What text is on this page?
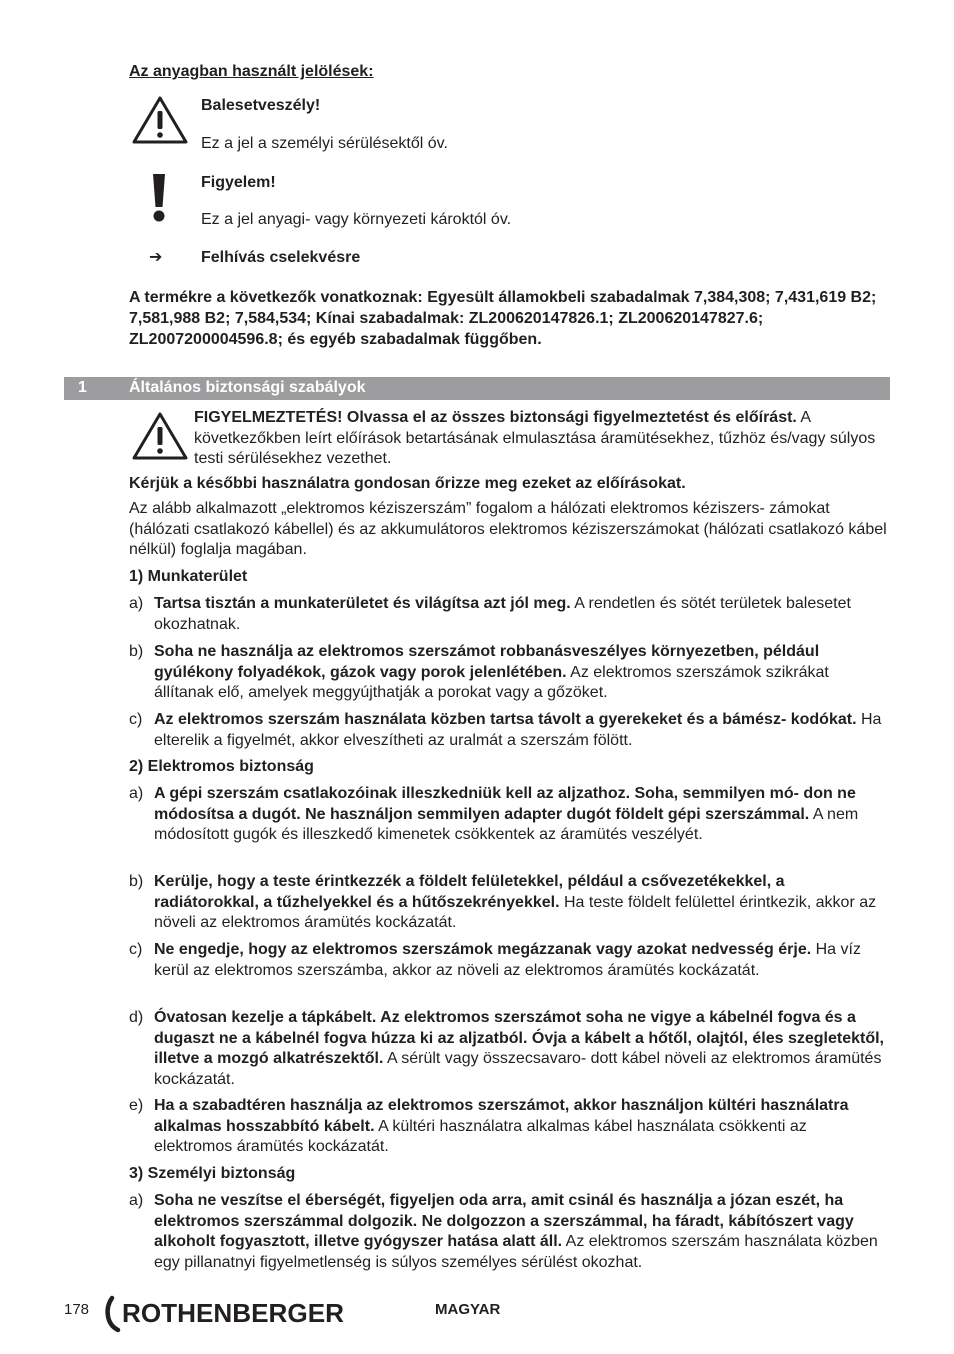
Az anyagban használt jelölések:
Balesetveszély!
Ez a jel a személyi sérülésektől óv.
Figyelem!
Ez a jel anyagi- vagy környezeti károktól óv.
➔ Felhívás cselekvésre
A termékre a következők vonatkoznak: Egyesült államokbeli szabadalmak 7,384,308; 7,431,619 B2; 7,581,988 B2; 7,584,534; Kínai szabadalmak: ZL200620147826.1; ZL200620147827.6; ZL2007200004596.8; és egyéb szabadalmak függőben.
1	Általános biztonsági szabályok
FIGYELMEZTETÉS! Olvassa el az összes biztonsági figyelmeztetést és előírást. A következőkben leírt előírások betartásának elmulasztása áramütésekhez, tűzhöz és/vagy súlyos testi sérülésekhez vezethet.
Kérjük a későbbi használatra gondosan őrizze meg ezeket az előírásokat.
Az alább alkalmazott „elektromos kéziszerszám” fogalom a hálózati elektromos kéziszers- zámokat (hálózati csatlakozó kábellel) és az akkumulátoros elektromos kéziszerszámokat (hálózati csatlakozó kábel nélkül) foglalja magában.
1) Munkaterület
a) Tartsa tisztán a munkaterületet és világítsa azt jól meg. A rendetlen és sötét területek balesetet okozhatnak.
b) Soha ne használja az elektromos szerszámot robbanásveszélyes környezetben, például gyúlékony folyadékok, gázok vagy porok jelenlétében. Az elektromos szerszámok szikrákat állítanak elő, amelyek meggyújthatják a porokat vagy a gőzöket.
c) Az elektromos szerszám használata közben tartsa távolt a gyerekeket és a bámész- kodókat. Ha elterelik a figyelmét, akkor elveszítheti az uralmát a szerszám fölött.
2) Elektromos biztonság
a) A gépi szerszám csatlakozóinak illeszkedniük kell az aljzathoz. Soha, semmilyen mó- don ne módosítsa a dugót. Ne használjon semmilyen adapter dugót földelt gépi szerszámmal. A nem módosított gugók és illeszkedő kimenetek csökkentek az áramütés veszélyét.
b) Kerülje, hogy a teste érintkezzék a földelt felületekkel, például a csővezetékekkel, a radiátorokkal, a tűzhelyekkel és a hűtőszekrényekkel. Ha teste földelt felülettel érintkezik, akkor az növeli az elektromos áramütés kockázatát.
c) Ne engedje, hogy az elektromos szerszámok megázzanak vagy azokat nedvesség érje. Ha víz kerül az elektromos szerszámba, akkor az növeli az elektromos áramütés kockázatát.
d) Óvatosan kezelje a tápkábelt. Az elektromos szerszámot soha ne vigye a kábelnél fogva és a dugaszt ne a kábelnél fogva húzza ki az aljzatból. Óvja a kábelt a hőtől, olajtól, éles szegletektől, illetve a mozgó alkatrészektől. A sérült vagy összecsavaro- dott kábel növeli az elektromos áramütés kockázatát.
e) Ha a szabadtéren használja az elektromos szerszámot, akkor használjon kültéri használatra alkalmas hosszabbító kábelt. A kültéri használatra alkalmas kábel használata csökkenti az elektromos áramütés kockázatát.
3) Személyi biztonság
a) Soha ne veszítse el éberségét, figyeljen oda arra, amit csinál és használja a józan eszét, ha elektromos szerszámmal dolgozik. Ne dolgozzon a szerszámmal, ha fáradt, kábítószert vagy alkoholt fogyasztott, illetve gyógyszer hatása alatt áll. Az elektromos szerszám használata közben egy pillanatnyi figyelmetlenség is súlyos személyes sérülést okozhat.
178 ROTHENBERGER	MAGYAR
